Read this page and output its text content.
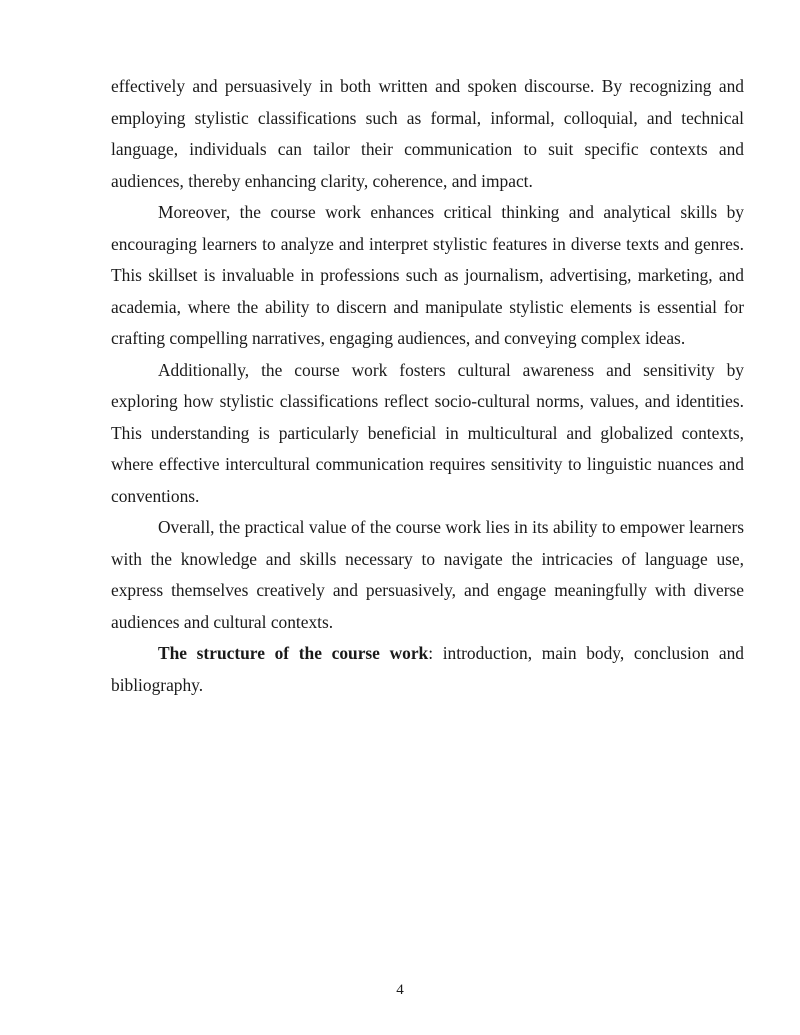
effectively and persuasively in both written and spoken discourse. By recognizing and employing stylistic classifications such as formal, informal, colloquial, and technical language, individuals can tailor their communication to suit specific contexts and audiences, thereby enhancing clarity, coherence, and impact.

Moreover, the course work enhances critical thinking and analytical skills by encouraging learners to analyze and interpret stylistic features in diverse texts and genres. This skillset is invaluable in professions such as journalism, advertising, marketing, and academia, where the ability to discern and manipulate stylistic elements is essential for crafting compelling narratives, engaging audiences, and conveying complex ideas.

Additionally, the course work fosters cultural awareness and sensitivity by exploring how stylistic classifications reflect socio-cultural norms, values, and identities. This understanding is particularly beneficial in multicultural and globalized contexts, where effective intercultural communication requires sensitivity to linguistic nuances and conventions.

Overall, the practical value of the course work lies in its ability to empower learners with the knowledge and skills necessary to navigate the intricacies of language use, express themselves creatively and persuasively, and engage meaningfully with diverse audiences and cultural contexts.

The structure of the course work: introduction, main body, conclusion and bibliography.

4
